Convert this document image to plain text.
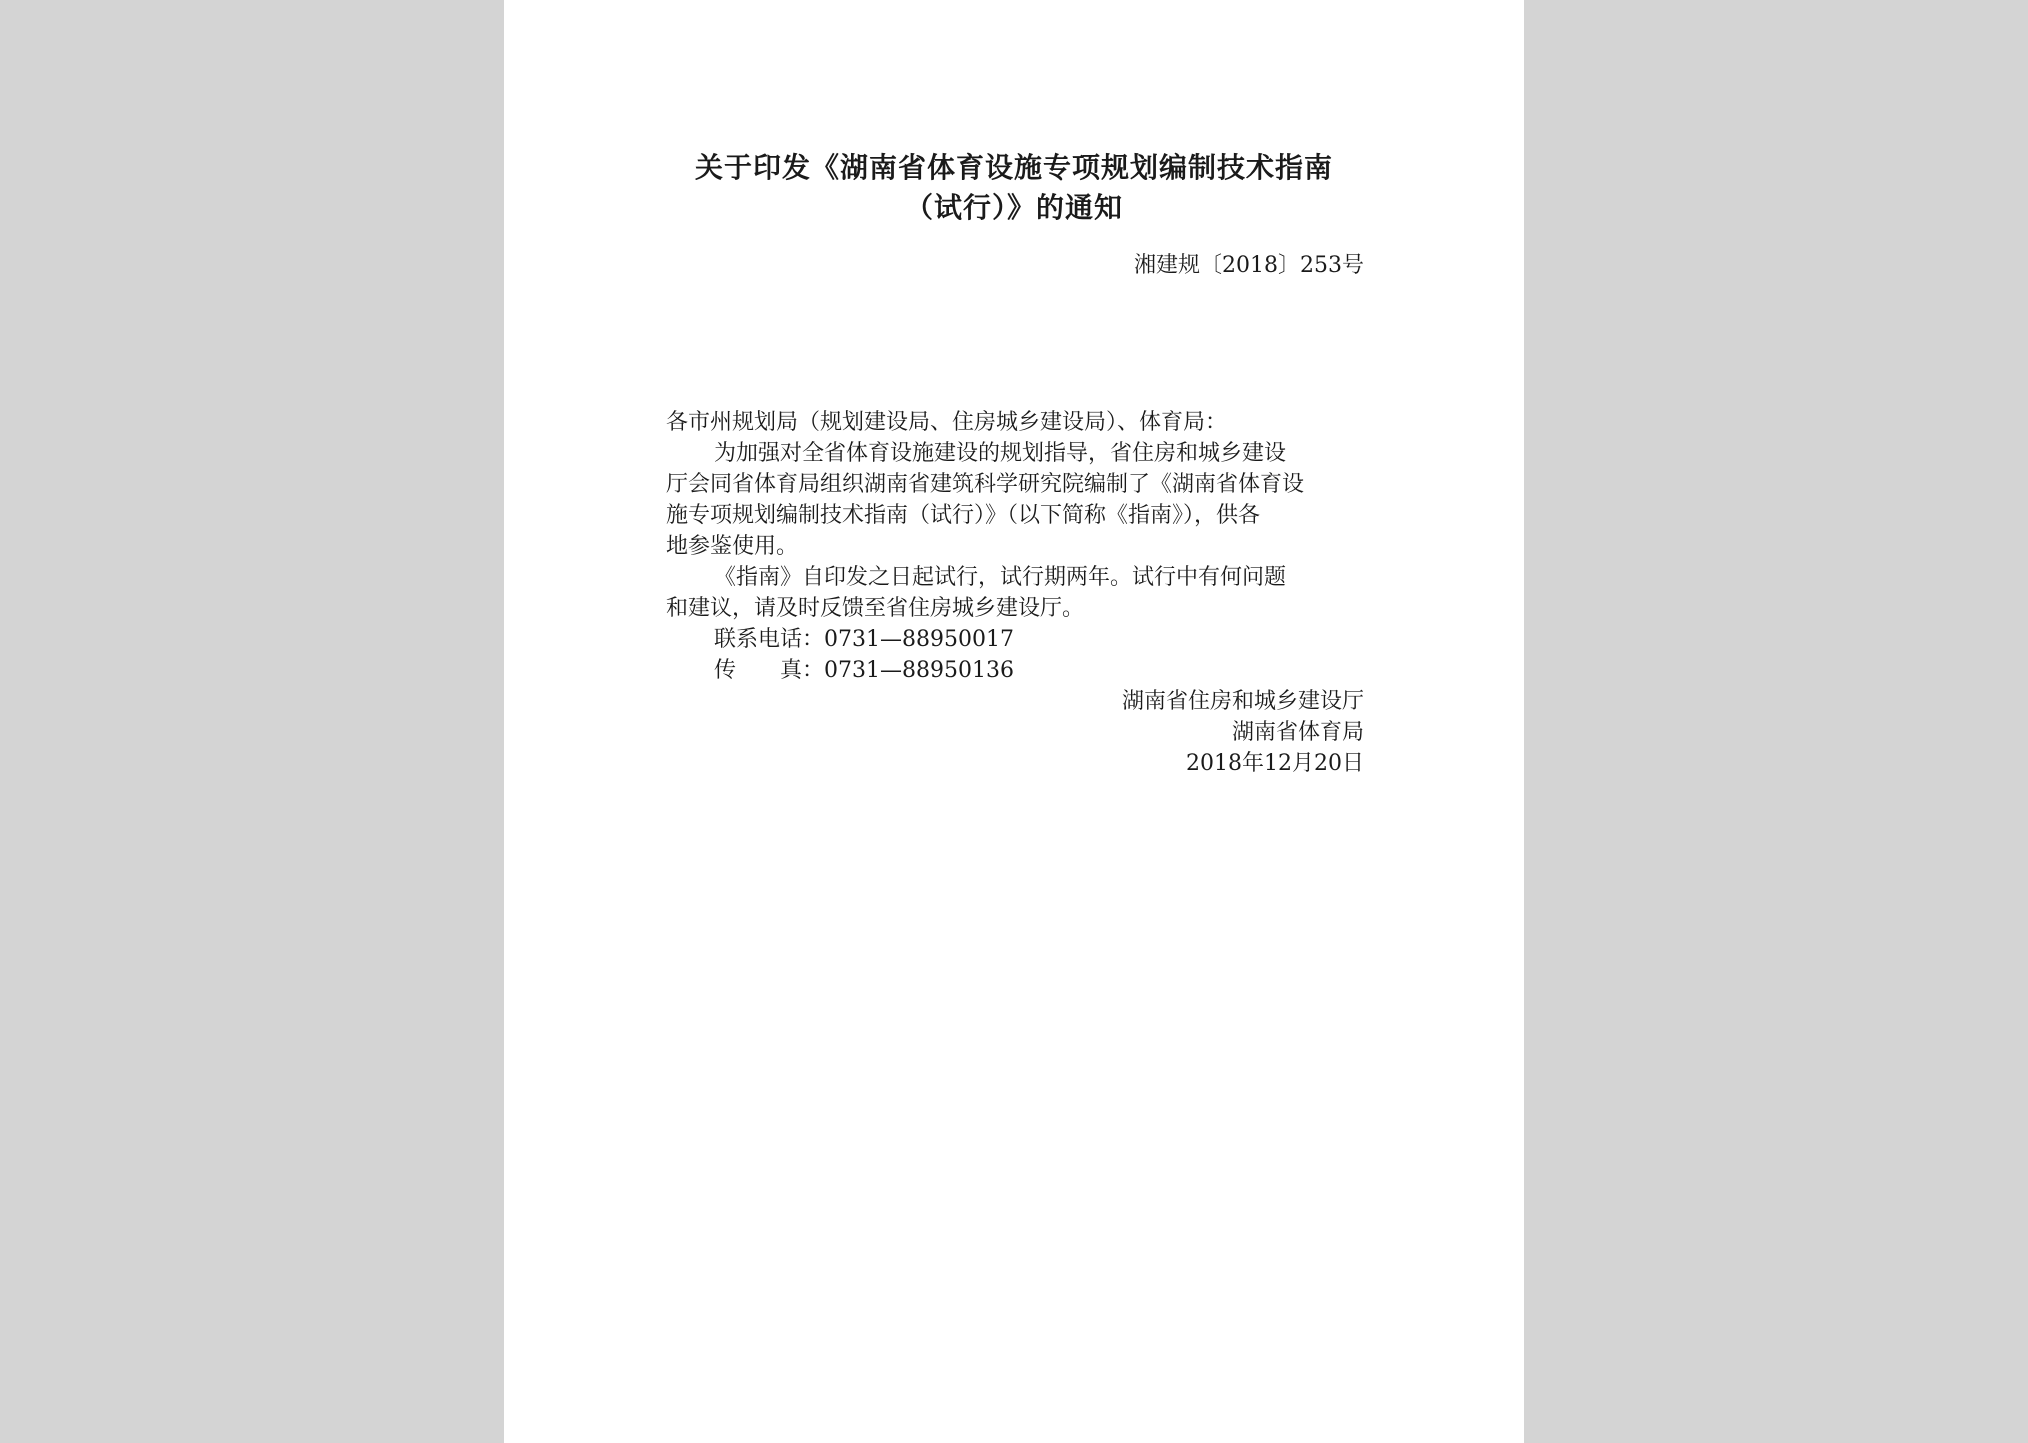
关于印发《湖南省体育设施专项规划编制技术指南
（试行）》的通知
湘建规〔2018〕253号
各市州规划局（规划建设局、住房城乡建设局）、体育局：
为加强对全省体育设施建设的规划指导，省住房和城乡建设
厅会同省体育局组织湖南省建筑科学研究院编制了《湖南省体育设
施专项规划编制技术指南（试行）》（以下简称《指南》），供各
地参鉴使用。
《指南》自印发之日起试行，试行期两年。试行中有何问题
和建议，请及时反馈至省住房城乡建设厅。
联系电话：0731—88950017
传 真：0731—88950136
湖南省住房和城乡建设厅
湖南省体育局
2018年12月20日
